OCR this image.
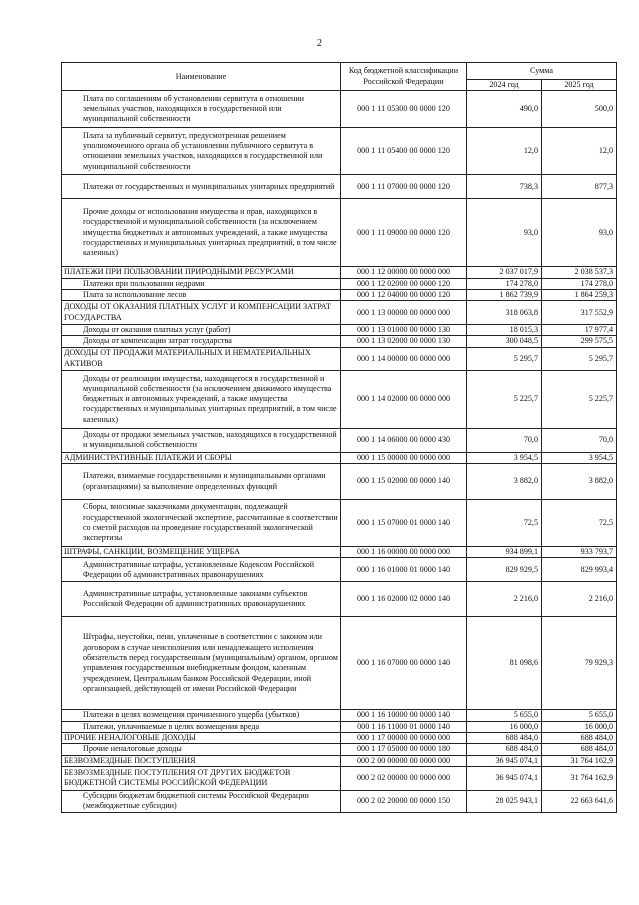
2
Наименование	Код бюджетной классификации Российской Федерации	Сумма	
		2024 год	2025 год
Плата по соглашениям об установлении сервитута в отношении земельных участков, находящихся в государственной или муниципальной собственности	000 1 11 05300 00 0000 120	490,0	500,0
Плата за публичный сервитут, предусмотренная решением уполномоченного органа об установлении публичного сервитута в отношении земельных участков, находящихся в государственной или муниципальной собственности	000 1 11 05400 00 0000 120	12,0	12,0
Платежи от государственных и муниципальных унитарных предприятий	000 1 11 07000 00 0000 120	738,3	877,3
Прочие доходы от использования имущества и прав, находящихся в государственной и муниципальной собственности (за исключением имущества бюджетных и автономных учреждений, а также имущества государственных и муниципальных унитарных предприятий, в том числе казенных)	000 1 11 09000 00 0000 120	93,0	93,0
ПЛАТЕЖИ ПРИ ПОЛЬЗОВАНИИ ПРИРОДНЫМИ РЕСУРСАМИ	000 1 12 00000 00 0000 000	2 037 017,9	2 038 537,3
Платежи при пользовании недрами	000 1 12 02000 00 0000 120	174 278,0	174 278,0
Плата за использование лесов	000 1 12 04000 00 0000 120	1 862 739,9	1 864 259,3
ДОХОДЫ ОТ ОКАЗАНИЯ ПЛАТНЫХ УСЛУГ И КОМПЕНСАЦИИ ЗАТРАТ ГОСУДАРСТВА	000 1 13 00000 00 0000 000	318 063,8	317 552,9
Доходы от оказания платных услуг (работ)	000 1 13 01000 00 0000 130	18 015,3	17 977,4
Доходы от компенсации затрат государства	000 1 13 02000 00 0000 130	300 048,5	299 575,5
ДОХОДЫ ОТ ПРОДАЖИ МАТЕРИАЛЬНЫХ И НЕМАТЕРИАЛЬНЫХ АКТИВОВ	000 1 14 00000 00 0000 000	5 295,7	5 295,7
Доходы от реализации имущества, находящегося в государственной и муниципальной собственности (за исключением движимого имущества бюджетных и автономных учреждений, а также имущества государственных и муниципальных унитарных предприятий, в том числе казенных)	000 1 14 02000 00 0000 000	5 225,7	5 225,7
Доходы от продажи земельных участков, находящихся в государственной и муниципальной собственности	000 1 14 06000 00 0000 430	70,0	70,0
АДМИНИСТРАТИВНЫЕ ПЛАТЕЖИ И СБОРЫ	000 1 15 00000 00 0000 000	3 954,5	3 954,5
Платежи, взимаемые государственными и муниципальными органами (организациями) за выполнение определенных функций	000 1 15 02000 00 0000 140	3 882,0	3 882,0
Сборы, вносимые заказчиками документации, подлежащей государственной экологической экспертизе, рассчитанные в соответствии со сметой расходов на проведение государственной экологической экспертизы	000 1 15 07000 01 0000 140	72,5	72,5
ШТРАФЫ, САНКЦИИ, ВОЗМЕЩЕНИЕ УЩЕРБА	000 1 16 00000 00 0000 000	934 899,1	933 793,7
Административные штрафы, установленные Кодексом Российской Федерации об административных правонарушениях	000 1 16 01000 01 0000 140	829 929,5	829 993,4
Административные штрафы, установленные законами субъектов Российской Федерации об административных правонарушениях	000 1 16 02000 02 0000 140	2 216,0	2 216,0
Штрафы, неустойки, пени, уплаченные в соответствии с законом или договором в случае неисполнения или ненадлежащего исполнения обязательств перед государственным (муниципальным) органом, органом управления государственным внебюджетным фондом, казенным учреждением, Центральным банком Российской Федерации, иной организацией, действующей от имени Российской Федерации	000 1 16 07000 00 0000 140	81 098,6	79 929,3
Платежи в целях возмещения причиненного ущерба (убытков)	000 1 16 10000 00 0000 140	5 655,0	5 655,0
Платежи, уплачиваемые в целях возмещения вреда	000 1 16 11000 01 0000 140	16 000,0	16 000,0
ПРОЧИЕ НЕНАЛОГОВЫЕ ДОХОДЫ	000 1 17 00000 00 0000 000	688 484,0	688 484,0
Прочие неналоговые доходы	000 1 17 05000 00 0000 180	688 484,0	688 484,0
БЕЗВОЗМЕЗДНЫЕ ПОСТУПЛЕНИЯ	000 2 00 00000 00 0000 000	36 945 074,1	31 764 162,9
БЕЗВОЗМЕЗДНЫЕ ПОСТУПЛЕНИЯ ОТ ДРУГИХ БЮДЖЕТОВ БЮДЖЕТНОЙ СИСТЕМЫ РОССИЙСКОЙ ФЕДЕРАЦИИ	000 2 02 00000 00 0000 000	36 945 074,1	31 764 162,9
Субсидии бюджетам бюджетной системы Российской Федерации (межбюджетные субсидии)	000 2 02 20000 00 0000 150	28 025 943,1	22 663 641,6
